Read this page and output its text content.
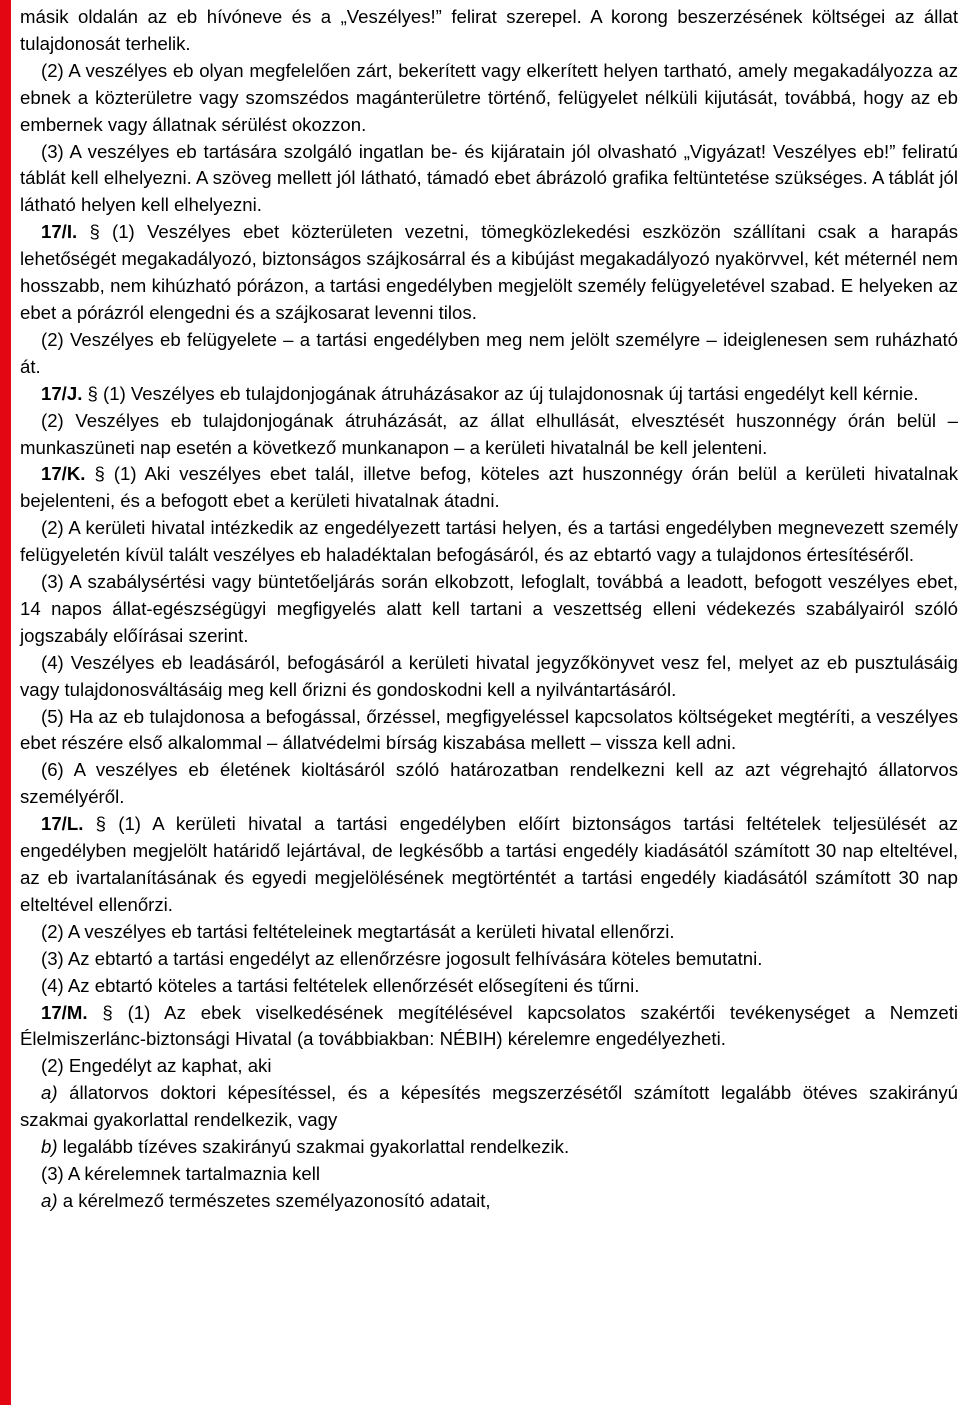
másik oldalán az eb hívóneve és a „Veszélyes!” felirat szerepel. A korong beszerzésének költségei az állat tulajdonosát terhelik.

(2) A veszélyes eb olyan megfelelően zárt, bekerített vagy elkerített helyen tartható, amely megakadályozza az ebnek a közterületre vagy szomszédos magánterületre történő, felügyelet nélküli kijutását, továbbá, hogy az eb embernek vagy állatnak sérülést okozzon.

(3) A veszélyes eb tartására szolgáló ingatlan be- és kijáratain jól olvasható „Vigyázat! Veszélyes eb!” feliratú táblát kell elhelyezni. A szöveg mellett jól látható, támadó ebet ábrázoló grafika feltüntetése szükséges. A táblát jól látható helyen kell elhelyezni.

17/I. § (1) Veszélyes ebet közterületen vezetni, tömegközlekedési eszközön szállítani csak a harapás lehetőségét megakadályozó, biztonságos szájkosárral és a kibújást megakadályozó nyakörvvel, két méternél nem hosszabb, nem kihúzható pórázon, a tartási engedélyben megjelölt személy felügyeletével szabad. E helyeken az ebet a pórázról elengedni és a szájkosarat levenni tilos.

(2) Veszélyes eb felügyelete – a tartási engedélyben meg nem jelölt személyre – ideiglenesen sem ruházható át.

17/J. § (1) Veszélyes eb tulajdonjogának átruházásakor az új tulajdonosnak új tartási engedélyt kell kérnie.

(2) Veszélyes eb tulajdonjogának átruházását, az állat elhullását, elvesztését huszonnégy órán belül – munkaszüneti nap esetén a következő munkanapon – a kerületi hivatalnál be kell jelenteni.

17/K. § (1) Aki veszélyes ebet talál, illetve befog, köteles azt huszonnégy órán belül a kerületi hivatalnak bejelenteni, és a befogott ebet a kerületi hivatalnak átadni.

(2) A kerületi hivatal intézkedik az engedélyezett tartási helyen, és a tartási engedélyben megnevezett személy felügyeletén kívül talált veszélyes eb haladéktalan befogásáról, és az ebtartó vagy a tulajdonos értesítéséről.

(3) A szabálysértési vagy büntetőeljárás során elkobzott, lefoglalt, továbbá a leadott, befogott veszélyes ebet, 14 napos állat-egészségügyi megfigyelés alatt kell tartani a veszettség elleni védekezés szabályairól szóló jogszabály előírásai szerint.

(4) Veszélyes eb leadásáról, befogásáról a kerületi hivatal jegyzőkönyvet vesz fel, melyet az eb pusztulásáig vagy tulajdonosváltásáig meg kell őrizni és gondoskodni kell a nyilvántartásáról.

(5) Ha az eb tulajdonosa a befogással, őrzéssel, megfigyeléssel kapcsolatos költségeket megtéríti, a veszélyes ebet részére első alkalommal – állatvédelmi bírság kiszabása mellett – vissza kell adni.

(6) A veszélyes eb életének kioltásáról szóló határozatban rendelkezni kell az azt végrehajtó állatorvos személyéről.

17/L. § (1) A kerületi hivatal a tartási engedélyben előírt biztonságos tartási feltételek teljesülését az engedélyben megjelölt határidő lejártával, de legkésőbb a tartási engedély kiadásától számított 30 nap elteltével, az eb ivartalanításának és egyedi megjelölésének megtörténtét a tartási engedély kiadásától számított 30 nap elteltével ellenőrzi.

(2) A veszélyes eb tartási feltételeinek megtartását a kerületi hivatal ellenőrzi.

(3) Az ebtartó a tartási engedélyt az ellenőrzésre jogosult felhívására köteles bemutatni.

(4) Az ebtartó köteles a tartási feltételek ellenőrzését elősegíteni és tűrni.

17/M. § (1) Az ebek viselkedésének megítélésével kapcsolatos szakértői tevékenységet a Nemzeti Élelmiszerlánc-biztonsági Hivatal (a továbbiakban: NÉBIH) kérelemre engedélyezheti.

(2) Engedélyt az kaphat, aki

a) állatorvos doktori képesítéssel, és a képesítés megszerzésétől számított legalább ötéves szakirányú szakmai gyakorlattal rendelkezik, vagy

b) legalább tízéves szakirányú szakmai gyakorlattal rendelkezik.

(3) A kérelemnek tartalmaznia kell

a) a kérelmező természetes személyazonosító adatait,
